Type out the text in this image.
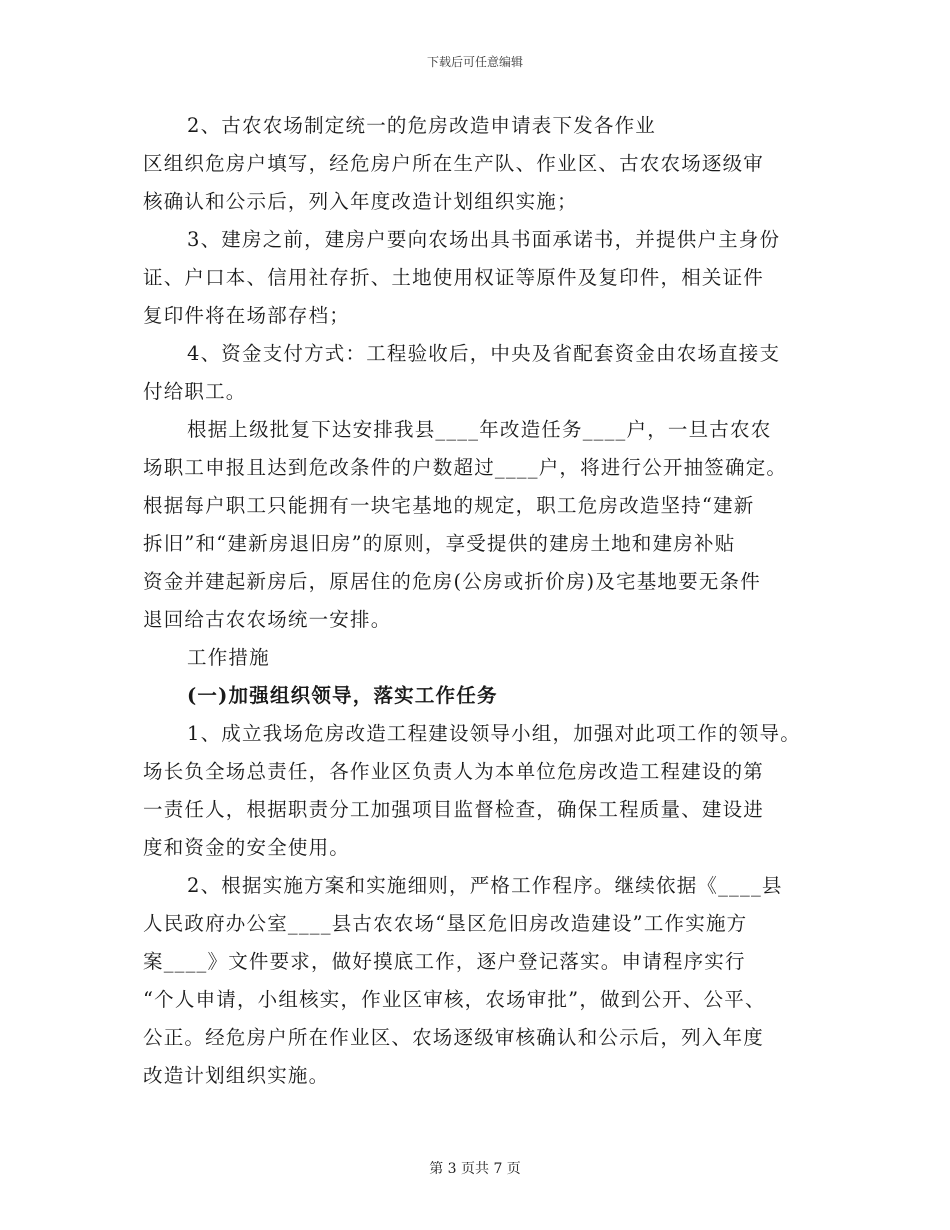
下载后可任意编辑
2、古农农场制定统一的危房改造申请表下发各作业
区组织危房户填写，经危房户所在生产队、作业区、古农农场逐级审
核确认和公示后，列入年度改造计划组织实施；
3、建房之前，建房户要向农场出具书面承诺书，并提供户主身份
证、户口本、信用社存折、土地使用权证等原件及复印件，相关证件
复印件将在场部存档；
4、资金支付方式：工程验收后，中央及省配套资金由农场直接支
付给职工。
根据上级批复下达安排我县____年改造任务____户，一旦古农农
场职工申报且达到危改条件的户数超过____户，将进行公开抽签确定。
根据每户职工只能拥有一块宅基地的规定，职工危房改造坚持“建新
拆旧”和“建新房退旧房”的原则，享受提供的建房土地和建房补贴
资金并建起新房后，原居住的危房(公房或折价房)及宅基地要无条件
退回给古农农场统一安排。
工作措施
(一)加强组织领导，落实工作任务
1、成立我场危房改造工程建设领导小组，加强对此项工作的领导。
场长负全场总责任，各作业区负责人为本单位危房改造工程建设的第
一责任人，根据职责分工加强项目监督检查，确保工程质量、建设进
度和资金的安全使用。
2、根据实施方案和实施细则，严格工作程序。继续依据《____县
人民政府办公室____县古农农场“垦区危旧房改造建设”工作实施方
案____》文件要求，做好摸底工作，逐户登记落实。申请程序实行
“个人申请，小组核实，作业区审核，农场审批”，做到公开、公平、
公正。经危房户所在作业区、农场逐级审核确认和公示后，列入年度
改造计划组织实施。
第 3 页共 7 页
